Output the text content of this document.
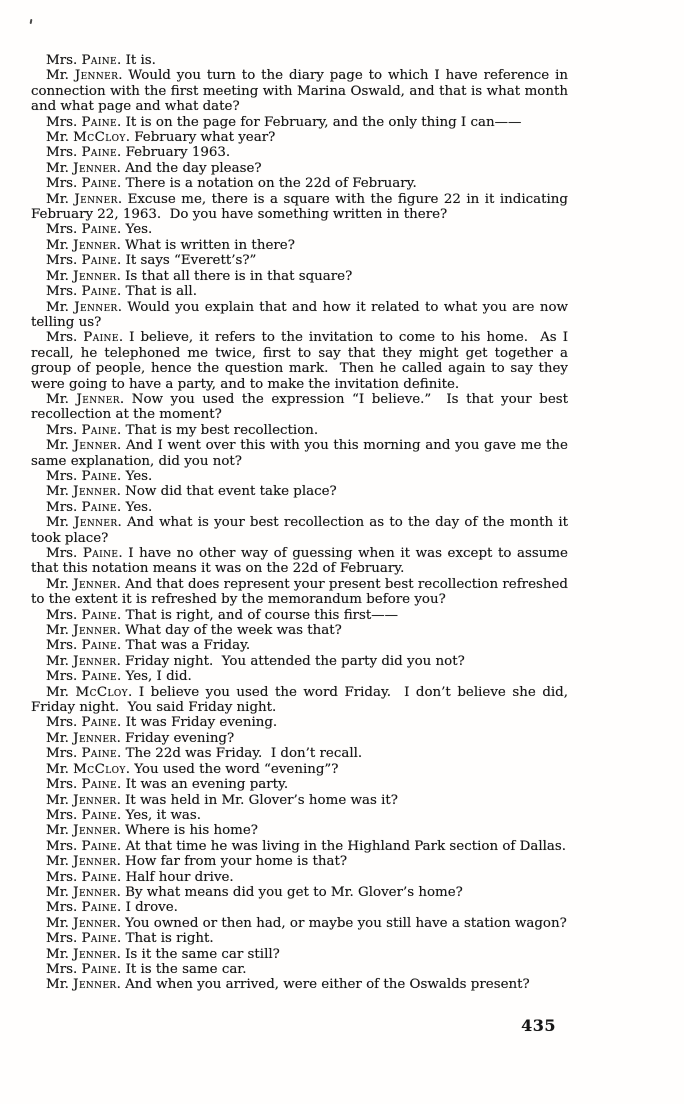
Mrs. Paine. It is.

Mr. Jenner. Would you turn to the diary page to which I have reference in connection with the first meeting with Marina Oswald, and that is what month and what page and what date?

Mrs. Paine. It is on the page for February, and the only thing I can——

Mr. McCloy. February what year?

Mrs. Paine. February 1963.

Mr. Jenner. And the day please?

Mrs. Paine. There is a notation on the 22d of February.

Mr. Jenner. Excuse me, there is a square with the figure 22 in it indicating February 22, 1963.  Do you have something written in there?

Mrs. Paine. Yes.

Mr. Jenner. What is written in there?

Mrs. Paine. It says “Everett’s?”

Mr. Jenner. Is that all there is in that square?

Mrs. Paine. That is all.

Mr. Jenner. Would you explain that and how it related to what you are now telling us?

Mrs. Paine. I believe, it refers to the invitation to come to his home.  As I recall, he telephoned me twice, first to say that they might get together a group of people, hence the question mark.  Then he called again to say they were going to have a party, and to make the invitation definite.

Mr. Jenner. Now you used the expression “I believe.”  Is that your best recollection at the moment?

Mrs. Paine. That is my best recollection.

Mr. Jenner. And I went over this with you this morning and you gave me the same explanation, did you not?

Mrs. Paine. Yes.

Mr. Jenner. Now did that event take place?

Mrs. Paine. Yes.

Mr. Jenner. And what is your best recollection as to the day of the month it took place?

Mrs. Paine. I have no other way of guessing when it was except to assume that this notation means it was on the 22d of February.

Mr. Jenner. And that does represent your present best recollection refreshed to the extent it is refreshed by the memorandum before you?

Mrs. Paine. That is right, and of course this first——

Mr. Jenner. What day of the week was that?

Mrs. Paine. That was a Friday.

Mr. Jenner. Friday night.  You attended the party did you not?

Mrs. Paine. Yes, I did.

Mr. McCloy. I believe you used the word Friday.  I don’t believe she did, Friday night.  You said Friday night.

Mrs. Paine. It was Friday evening.

Mr. Jenner. Friday evening?

Mrs. Paine. The 22d was Friday.  I don’t recall.

Mr. McCloy. You used the word “evening”?

Mrs. Paine. It was an evening party.

Mr. Jenner. It was held in Mr. Glover’s home was it?

Mrs. Paine. Yes, it was.

Mr. Jenner. Where is his home?

Mrs. Paine. At that time he was living in the Highland Park section of Dallas.

Mr. Jenner. How far from your home is that?

Mrs. Paine. Half hour drive.

Mr. Jenner. By what means did you get to Mr. Glover’s home?

Mrs. Paine. I drove.

Mr. Jenner. You owned or then had, or maybe you still have a station wagon?

Mrs. Paine. That is right.

Mr. Jenner. Is it the same car still?

Mrs. Paine. It is the same car.

Mr. Jenner. And when you arrived, were either of the Oswalds present?

435
